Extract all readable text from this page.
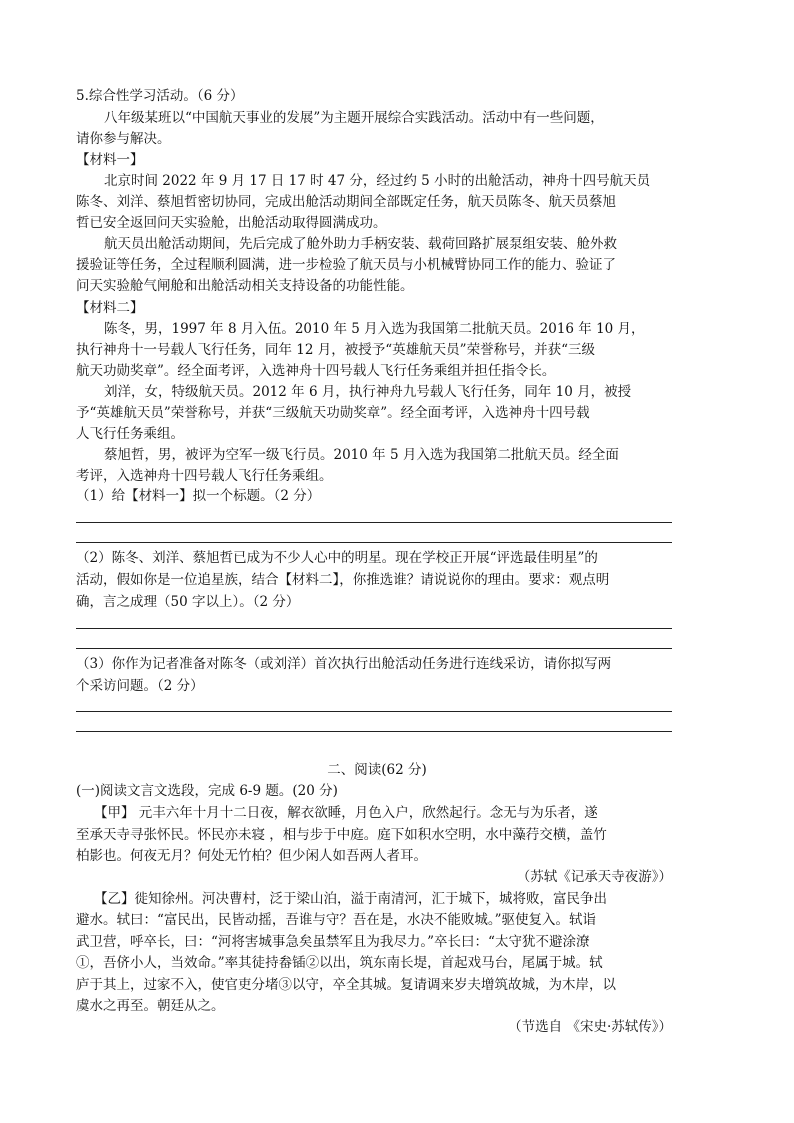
5.综合性学习活动。（6 分）
八年级某班以“中国航天事业的发展”为主题开展综合实践活动。活动中有一些问题，
请你参与解决。
【材料一】
北京时间 2022 年 9 月 17 日 17 时 47 分，经过约 5 小时的出舱活动，神舟十四号航天员
陈冬、刘洋、蔡旭哲密切协同，完成出舱活动期间全部既定任务，航天员陈冬、航天员蔡旭
哲已安全返回问天实验舱，出舱活动取得圆满成功。
航天员出舱活动期间，先后完成了舱外助力手柄安装、载荷回路扩展泵组安装、舱外救
援验证等任务，全过程顺利圆满，进一步检验了航天员与小机械臂协同工作的能力、验证了
问天实验舱气闸舱和出舱活动相关支持设备的功能性能。
【材料二】
陈冬，男，1997 年 8 月入伍。2010 年 5 月入选为我国第二批航天员。2016 年 10 月，
执行神舟十一号载人飞行任务，同年 12 月，被授予“英雄航天员”荣誉称号，并获“三级
航天功勋奖章”。经全面考评，入选神舟十四号载人飞行任务乘组并担任指令长。
刘洋，女，特级航天员。2012 年 6 月，执行神舟九号载人飞行任务，同年 10 月，被授
予“英雄航天员”荣誉称号，并获“三级航天功勋奖章”。经全面考评，入选神舟十四号载
人飞行任务乘组。
蔡旭哲，男，被评为空军一级飞行员。2010 年 5 月入选为我国第二批航天员。经全面
考评，入选神舟十四号载人飞行任务乘组。
（1）给【材料一】拟一个标题。（2 分）
（2）陈冬、刘洋、蔡旭哲已成为不少人心中的明星。现在学校正开展“评选最佳明星”的
活动，假如你是一位追星族，结合【材料二】，你推选谁？请说说你的理由。要求：观点明
确，言之成理（50 字以上）。（2 分）
（3）你作为记者准备对陈冬（或刘洋）首次执行出舱活动任务进行连线采访，请你拟写两
个采访问题。（2 分）
二、阅读(62 分)
(一)阅读文言文选段，完成 6-9 题。(20 分)
【甲】 元丰六年十月十二日夜，解衣欲睡，月色入户，欣然起行。念无与为乐者，遂
至承天寺寻张怀民。怀民亦未寝 ，相与步于中庭。庭下如积水空明，水中藻荇交横，盖竹
柏影也。何夜无月？何处无竹柏？但少闲人如吾两人者耳。
（苏轼《记承天寺夜游》）
【乙】徙知徐州。河决曹村，泛于梁山泊，溢于南清河，汇于城下，城将败，富民争出
避水。轼曰：“富民出，民皆动摇，吾谁与守？吾在是，水决不能败城。”驱使复入。轼诣
武卫营，呼卒长，曰：“河将害城事急矣虽禁军且为我尽力。”卒长曰：“太守犹不避涂潦
①，吾侪小人，当效命。”率其徒持畚锸②以出，筑东南长堤，首起戏马台，尾属于城。轼
庐于其上，过家不入，使官吏分堵③以守，卒全其城。复请调来岁夫增筑故城，为木岸，以
虞水之再至。朝廷从之。
（节选自 《宋史·苏轼传》）
